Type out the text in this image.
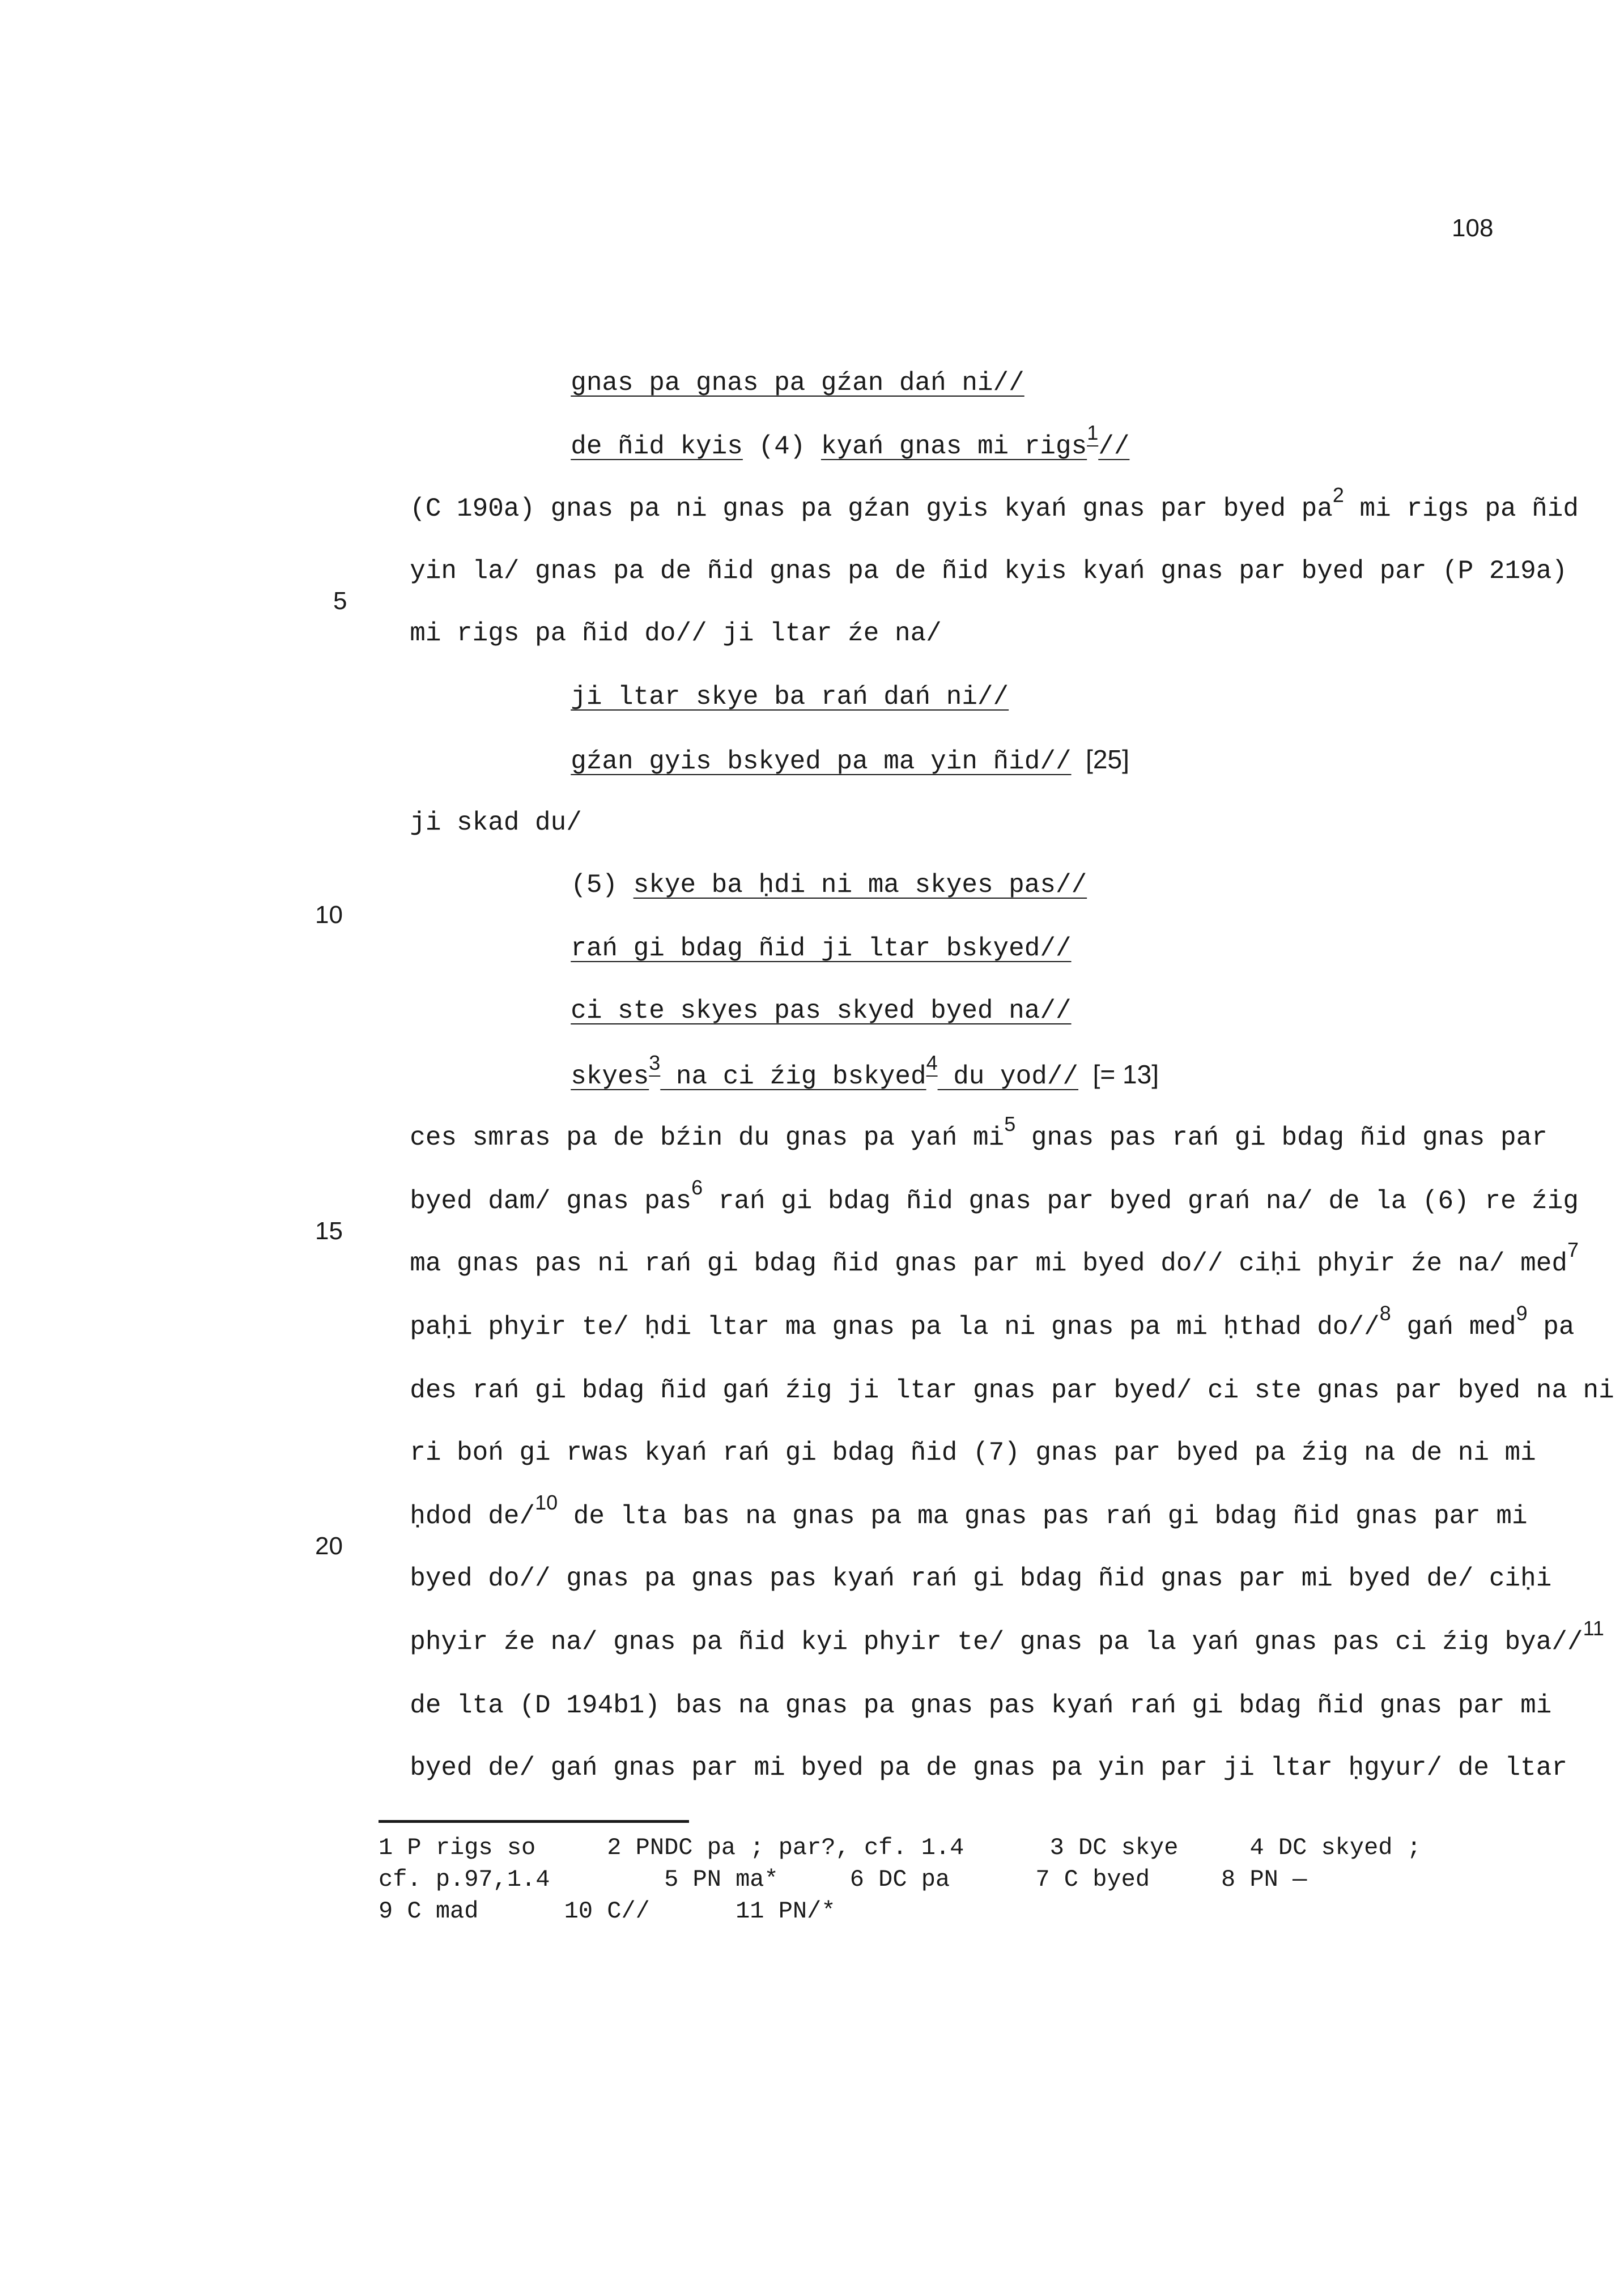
108

gnas pa gnas pa gźan dań ni//

de ñid kyis (4) kyań gnas mi rigs$^1$//

(C 190a) gnas pa ni gnas pa gźan gyis kyań gnas par byed $pa^2$ mi rigs pa ñid

yin la/ gnas pa de ñid gnas pa de ñid kyis kyań gnas par byed par (P 219a)

5

mi rigs pa ñid do// ji ltar źe na/

ji ltar skye ba rań dań ni//

gźan gyis bskyed pa ma yin ñid//  [25]

ji skad du/

(5) skye ba ḥdi ni ma skyes pas//

10

rań gi bdag ñid ji ltar bskyed//

ci ste skyes pas skyed byed na//

skyes$^3$ na ci źig bskyed$^4$ du yod//  [= 13]

ces smras pa de bźin du gnas pa yań $mi^5$ gnas pas rań gi bdag ñid gnas par

byed dam/ gnas pas$^6$ rań gi bdag ñid gnas par byed grań na/ de la (6) re źig

15

ma gnas pas ni rań gi bdag ñid gnas par mi byed do// ciḥi phyir źe na/ med$^7$

paḥi phyir te/ ḥdi ltar ma gnas pa la ni gnas pa mi ḥthad do//$^8$ gań med$^9$ pa

des rań gi bdag ñid gań źig ji ltar gnas par byed/ ci ste gnas par byed na ni

ri boń gi rwas kyań rań gi bdag ñid (7) gnas par byed pa źig na de ni mi

ḥdod de/$^{10}$ de lta bas na gnas pa ma gnas pas rań gi bdag ñid gnas par mi

20

byed do// gnas pa gnas pas kyań rań gi bdag ñid gnas par mi byed de/ ciḥi

phyir źe na/ gnas pa ñid kyi phyir te/ gnas pa la yań gnas pas ci źig bya//$^{11}$

de lta (D 194b1) bas na gnas pa gnas pas kyań rań gi bdag ñid gnas par mi

byed de/ gań gnas par mi byed pa de gnas pa yin par ji ltar ḥgyur/ de ltar

1 P rigs so     2 PNDC pa ; par?, cf. 1.4      3 DC skye     4 DC skyed ;
cf. p.97,1.4        5 PN ma*     6 DC pa      7 C byed     8 PN —
9 C mad      10 C//      11 PN/*
